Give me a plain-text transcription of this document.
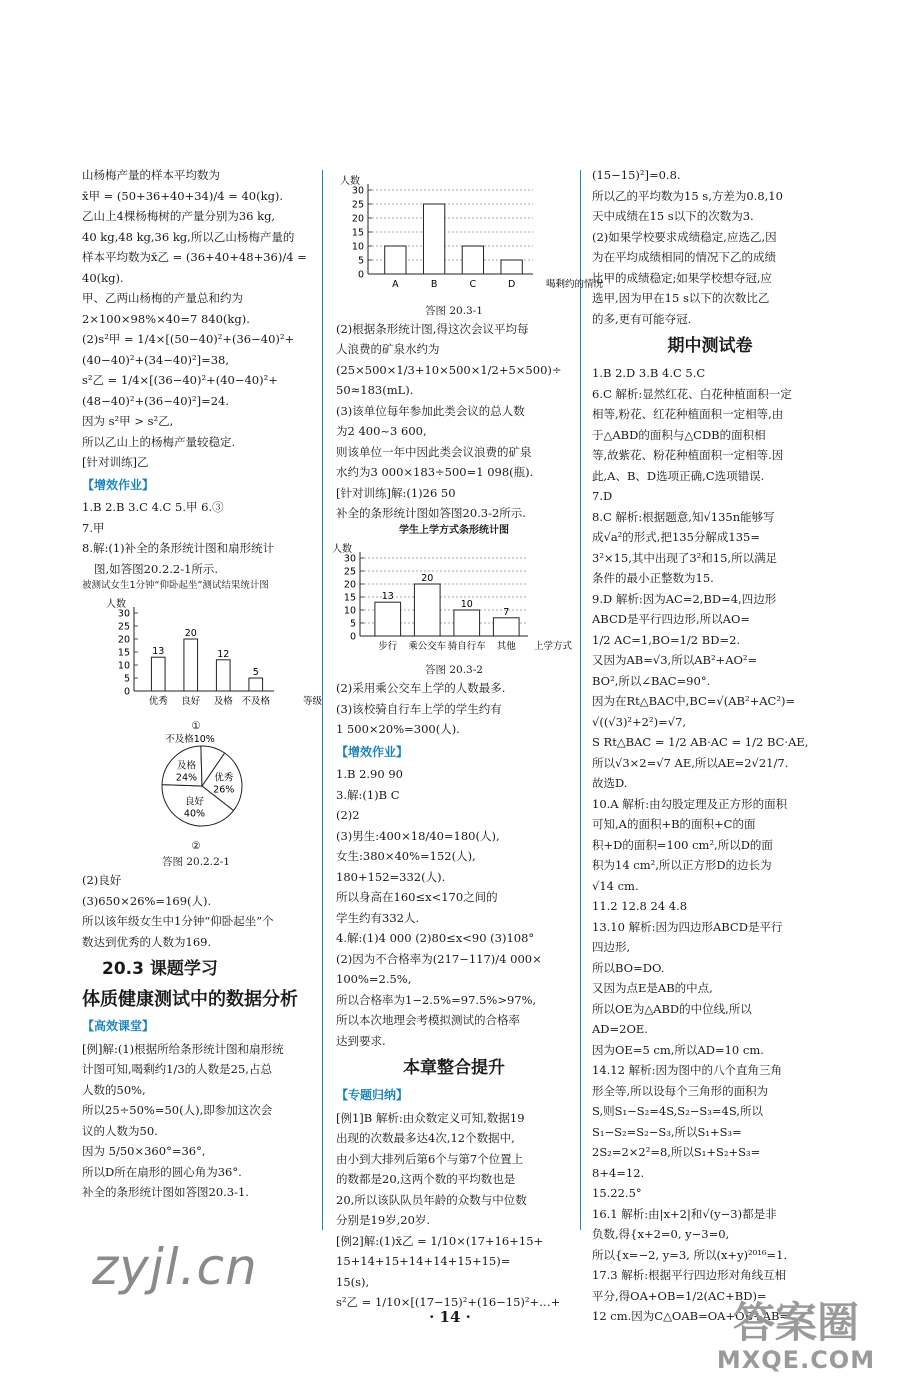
山杨梅产量的样本平均数为
x̄甲 = (50+36+40+34)/4 = 40(kg).
乙山上4棵杨梅树的产量分别为36 kg,
40 kg,48 kg,36 kg,所以乙山杨梅产量的
样本平均数为x̄乙 = (36+40+48+36)/4 =
40(kg).
甲、乙两山杨梅的产量总和约为
2×100×98%×40=7 840(kg).
(2)s²甲 = 1/4×[(50−40)²+(36−40)²+
(40−40)²+(34−40)²]=38,
s²乙 = 1/4×[(36−40)²+(40−40)²+
(48−40)²+(36−40)²]=24.
因为 s²甲 > s²乙,
所以乙山上的杨梅产量较稳定.
[针对训练]乙
【增效作业】
1.B 2.B 3.C 4.C 5.甲 6.③
7.甲
8.解:(1)补全的条形统计图和扇形统计
图,如答图20.2.2-1所示.
被测试女生1分钟“仰卧起坐”测试结果统计图
人数
0
5
10
15
20
25
30
优秀
13
良好
20
及格
12
不及格
5
等级
①
优秀
26%
良好
40%
及格
24%
不及格10%
②
答图 20.2.2-1
(2)良好
(3)650×26%=169(人).
所以该年级女生中1分钟“仰卧起坐”个
数达到优秀的人数为169.
20.3 课题学习
体质健康测试中的数据分析
【高效课堂】
[例]解:(1)根据所给条形统计图和扇形统
计图可知,喝剩约1/3的人数是25,占总
人数的50%,
所以25÷50%=50(人),即参加这次会
议的人数为50.
因为 5/50×360°=36°,
所以D所在扇形的圆心角为36°.
补全的条形统计图如答图20.3-1.
人数
0
5
10
15
20
25
30
A	B	C	D	喝剩约的情况
答图 20.3-1
(2)根据条形统计图,得这次会议平均每
人浪费的矿泉水约为
(25×500×1/3+10×500×1/2+5×500)÷
50≈183(mL).
(3)该单位每年参加此类会议的总人数
为2 400~3 600,
则该单位一年中因此类会议浪费的矿泉
水约为3 000×183÷500=1 098(瓶).
[针对训练]解:(1)26 50
补全的条形统计图如答图20.3-2所示.
学生上学方式条形统计图
人数
0
5
10
15
20
25
30
步行
13
乘公交车
20
骑自行车
10
其他
7
上学方式
答图 20.3-2
(2)采用乘公交车上学的人数最多.
(3)该校骑自行车上学的学生约有
1 500×20%=300(人).
【增效作业】
1.B 2.90 90
3.解:(1)B C
(2)2
(3)男生:400×18/40=180(人),
女生:380×40%=152(人),
180+152=332(人).
所以身高在160≤x<170之间的
学生约有332人.
4.解:(1)4 000 (2)80≤x<90 (3)108°
(2)因为不合格率为(217−117)/4 000×
100%=2.5%,
所以合格率为1−2.5%=97.5%>97%,
所以本次地理会考模拟测试的合格率
达到要求.
本章整合提升
【专题归纳】
[例1]B 解析:由众数定义可知,数据19
出现的次数最多达4次,12个数据中,
由小到大排列后第6个与第7个位置上
的数都是20,这两个数的平均数也是
20,所以该队队员年龄的众数与中位数
分别是19岁,20岁.
[例2]解:(1)x̄乙 = 1/10×(17+16+15+
15+14+15+14+14+15+15)=
15(s),
s²乙 = 1/10×[(17−15)²+(16−15)²+…+
(15−15)²]=0.8.
所以乙的平均数为15 s,方差为0.8,10
天中成绩在15 s以下的次数为3.
(2)如果学校要求成绩稳定,应选乙,因
为在平均成绩相同的情况下乙的成绩
比甲的成绩稳定;如果学校想夺冠,应
选甲,因为甲在15 s以下的次数比乙
的多,更有可能夺冠.
期中测试卷
1.B 2.D 3.B 4.C 5.C
6.C 解析:显然红花、白花种植面积一定
相等,粉花、红花种植面积一定相等,由
于△ABD的面积与△CDB的面积相
等,故紫花、粉花种植面积一定相等.因
此,A、B、D选项正确,C选项错误.
7.D
8.C 解析:根据题意,知√135n能够写
成√a²的形式,把135分解成135=
3²×15,其中出现了3²和15,所以满足
条件的最小正整数为15.
9.D 解析:因为AC=2,BD=4,四边形
ABCD是平行四边形,所以AO=
1/2 AC=1,BO=1/2 BD=2.
又因为AB=√3,所以AB²+AO²=
BO²,所以∠BAC=90°.
因为在Rt△BAC中,BC=√(AB²+AC²)=
√((√3)²+2²)=√7,
S Rt△BAC = 1/2 AB·AC = 1/2 BC·AE,
所以√3×2=√7 AE,所以AE=2√21/7.
故选D.
10.A 解析:由勾股定理及正方形的面积
可知,A的面积+B的面积+C的面
积+D的面积=100 cm²,所以D的面
积为14 cm²,所以正方形D的边长为
√14 cm.
11.2 12.8 24 4.8
13.10 解析:因为四边形ABCD是平行
四边形,
所以BO=DO.
又因为点E是AB的中点,
所以OE为△ABD的中位线,所以
AD=2OE.
因为OE=5 cm,所以AD=10 cm.
14.12 解析:因为图中的八个直角三角
形全等,所以设每个三角形的面积为
S,则S₁−S₂=4S,S₂−S₃=4S,所以
S₁−S₂=S₂−S₃,所以S₁+S₃=
2S₂=2×2²=8,所以S₁+S₂+S₃=
8+4=12.
15.22.5°
16.1 解析:由|x+2|和√(y−3)都是非
负数,得{x+2=0, y−3=0,
所以{x=−2, y=3, 所以(x+y)²⁰¹⁶=1.
17.3 解析:根据平行四边形对角线互相
平分,得OA+OB=1/2(AC+BD)=
12 cm.因为C△OAB=OA+OB+AB=
· 14 ·
zyjl.cn
答案圈
MXQE.COM
